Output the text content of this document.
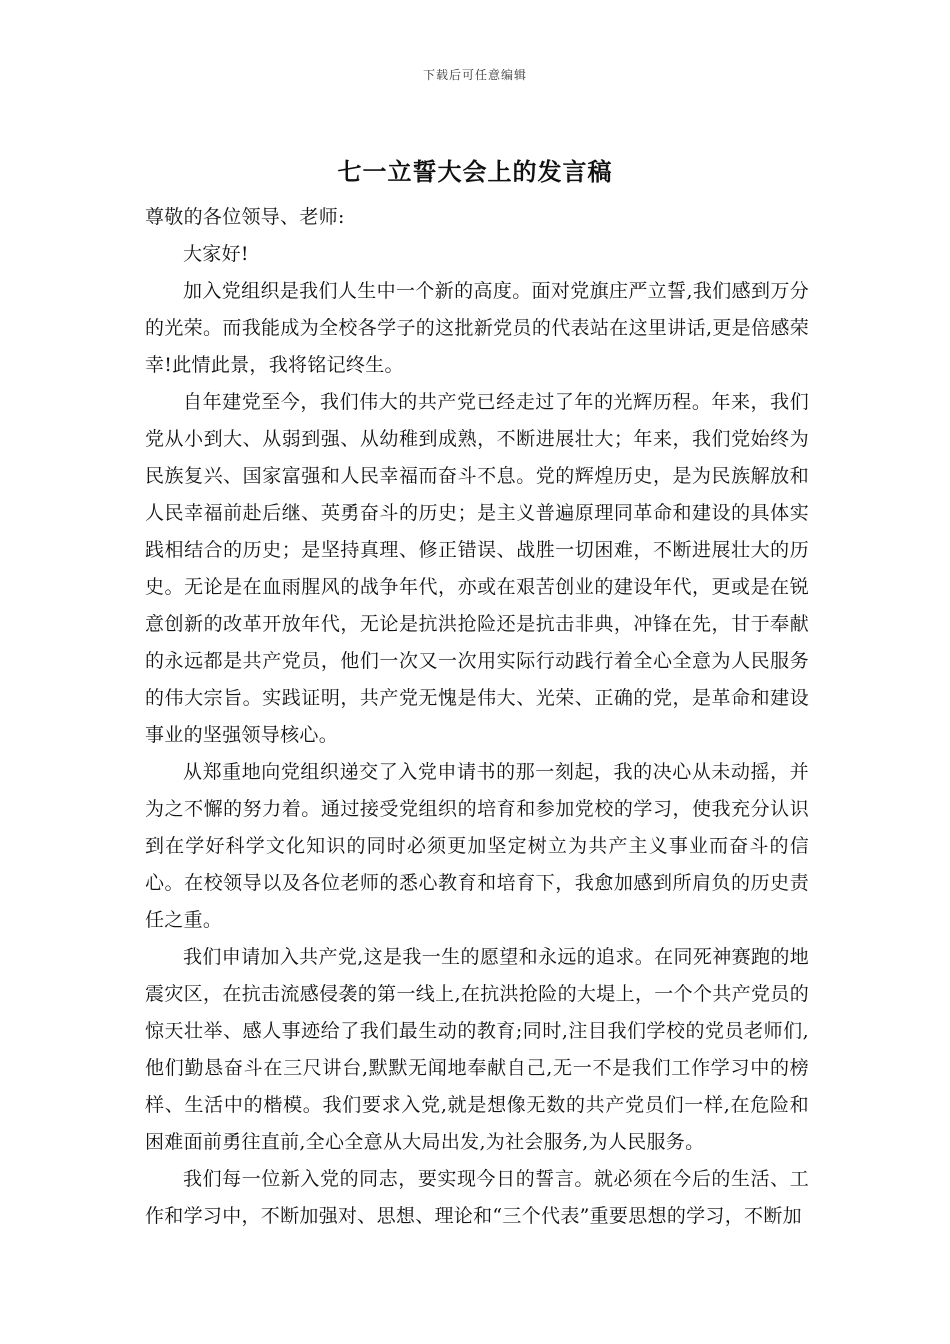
下载后可任意编辑
七一立誓大会上的发言稿

尊敬的各位领导、老师:

大家好!

加入党组织是我们人生中一个新的高度。面对党旗庄严立誓,我们感到万分的光荣。而我能成为全校各学子的这批新党员的代表站在这里讲话,更是倍感荣幸!此情此景，我将铭记终生。

自年建党至今，我们伟大的共产党已经走过了年的光辉历程。年来，我们党从小到大、从弱到强、从幼稚到成熟，不断进展壮大；年来，我们党始终为民族复兴、国家富强和人民幸福而奋斗不息。党的辉煌历史，是为民族解放和人民幸福前赴后继、英勇奋斗的历史；是主义普遍原理同革命和建设的具体实践相结合的历史；是坚持真理、修正错误、战胜一切困难，不断进展壮大的历史。无论是在血雨腥风的战争年代，亦或在艰苦创业的建设年代，更或是在锐意创新的改革开放年代，无论是抗洪抢险还是抗击非典，冲锋在先，甘于奉献的永远都是共产党员，他们一次又一次用实际行动践行着全心全意为人民服务的伟大宗旨。实践证明，共产党无愧是伟大、光荣、正确的党，是革命和建设事业的坚强领导核心。

从郑重地向党组织递交了入党申请书的那一刻起，我的决心从未动摇，并为之不懈的努力着。通过接受党组织的培育和参加党校的学习，使我充分认识到在学好科学文化知识的同时必须更加坚定树立为共产主义事业而奋斗的信心。在校领导以及各位老师的悉心教育和培育下，我愈加感到所肩负的历史责任之重。

我们申请加入共产党,这是我一生的愿望和永远的追求。在同死神赛跑的地震灾区，在抗击流感侵袭的第一线上,在抗洪抢险的大堤上，一个个共产党员的惊天壮举、感人事迹给了我们最生动的教育;同时,注目我们学校的党员老师们,他们勤恳奋斗在三尺讲台,默默无闻地奉献自己,无一不是我们工作学习中的榜样、生活中的楷模。我们要求入党,就是想像无数的共产党员们一样,在危险和困难面前勇往直前,全心全意从大局出发,为社会服务,为人民服务。

我们每一位新入党的同志，要实现今日的誓言。就必须在今后的生活、工作和学习中，不断加强对、思想、理论和“三个代表”重要思想的学习，不断加
